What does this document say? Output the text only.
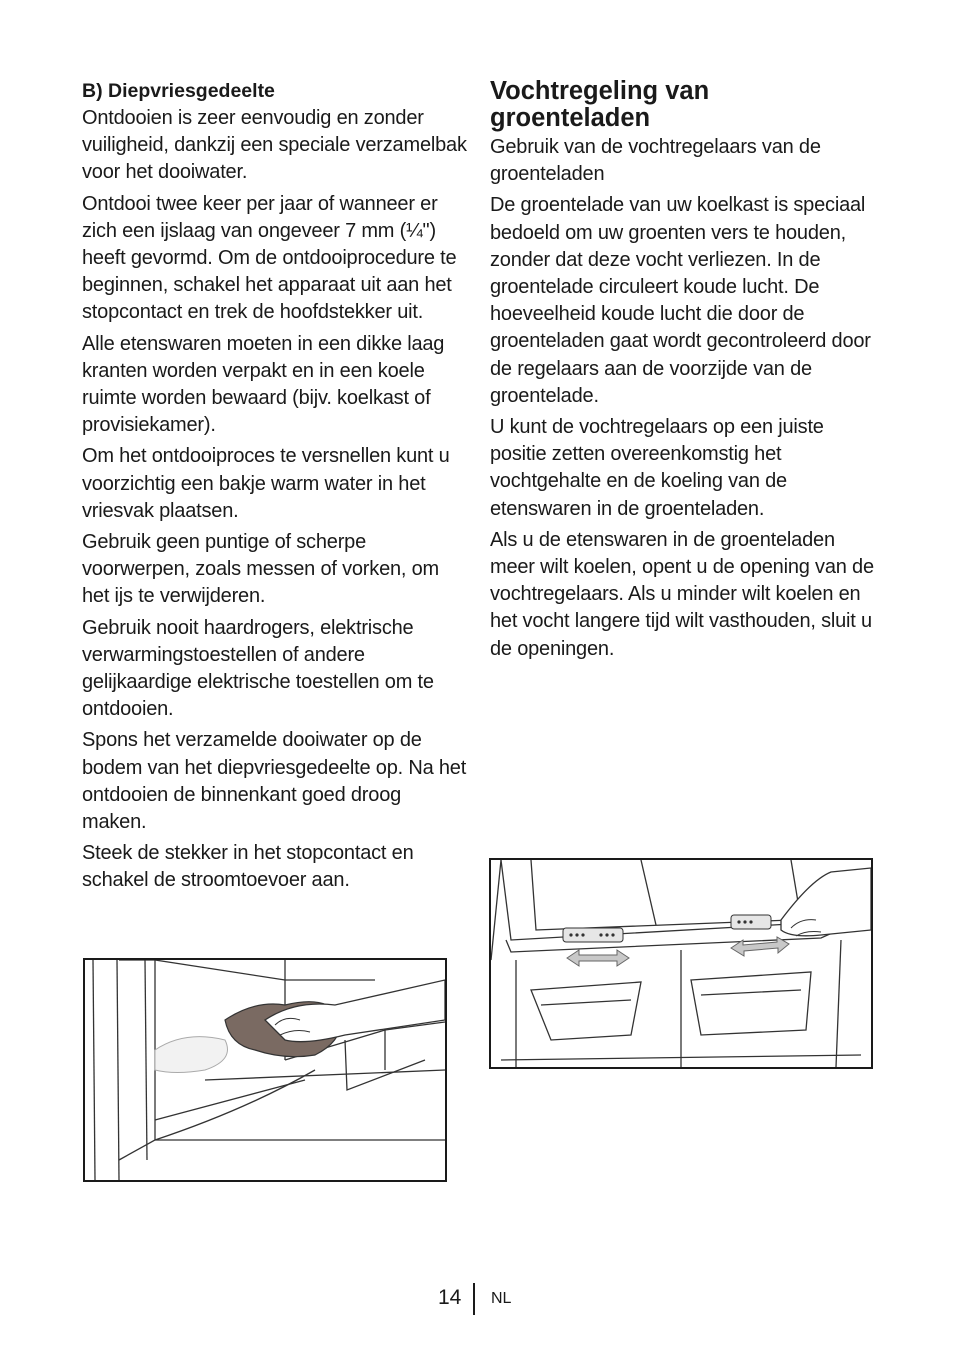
B) Diepvriesgedeelte

Ontdooien is zeer eenvoudig en zonder vuiligheid, dankzij een speciale verzamelbak voor het dooiwater.

Ontdooi twee keer per jaar of wanneer er zich een ijslaag van ongeveer 7 mm (¼") heeft gevormd. Om de ontdooiprocedure te beginnen, schakel het apparaat uit aan het stopcontact en trek de hoofdstekker uit.

Alle etenswaren moeten in een dikke laag kranten worden verpakt en in een koele ruimte worden bewaard (bijv. koelkast of provisiekamer).

Om het ontdooiproces te versnellen kunt u voorzichtig een bakje warm water in het vriesvak plaatsen.

Gebruik geen puntige of scherpe voorwerpen, zoals messen of vorken, om het ijs te verwijderen.

Gebruik nooit haardrogers, elektrische verwarmingstoestellen of andere gelijkaardige elektrische toestellen om te ontdooien.

Spons het verzamelde dooiwater op de bodem van het diepvriesgedeelte op. Na het ontdooien de binnenkant goed droog maken.

Steek de stekker in het stopcontact en schakel de stroomtoevoer aan.

Vochtregeling van groenteladen

Gebruik van de vochtregelaars van de groenteladen

De groentelade van uw koelkast is speciaal bedoeld om uw groenten vers te houden, zonder dat deze vocht verliezen. In de groentelade circuleert koude lucht. De hoeveelheid koude lucht die door de groenteladen gaat wordt gecontroleerd door de regelaars aan de voorzijde van de groentelade.

U kunt de vochtregelaars op een juiste positie zetten overeenkomstig het vochtgehalte en de koeling van de etenswaren in de groenteladen.

Als u de etenswaren in de groenteladen meer wilt koelen, opent u de opening van de vochtregelaars. Als u minder wilt koelen en het vocht langere tijd wilt vasthouden, sluit u de openingen.

14 NL
